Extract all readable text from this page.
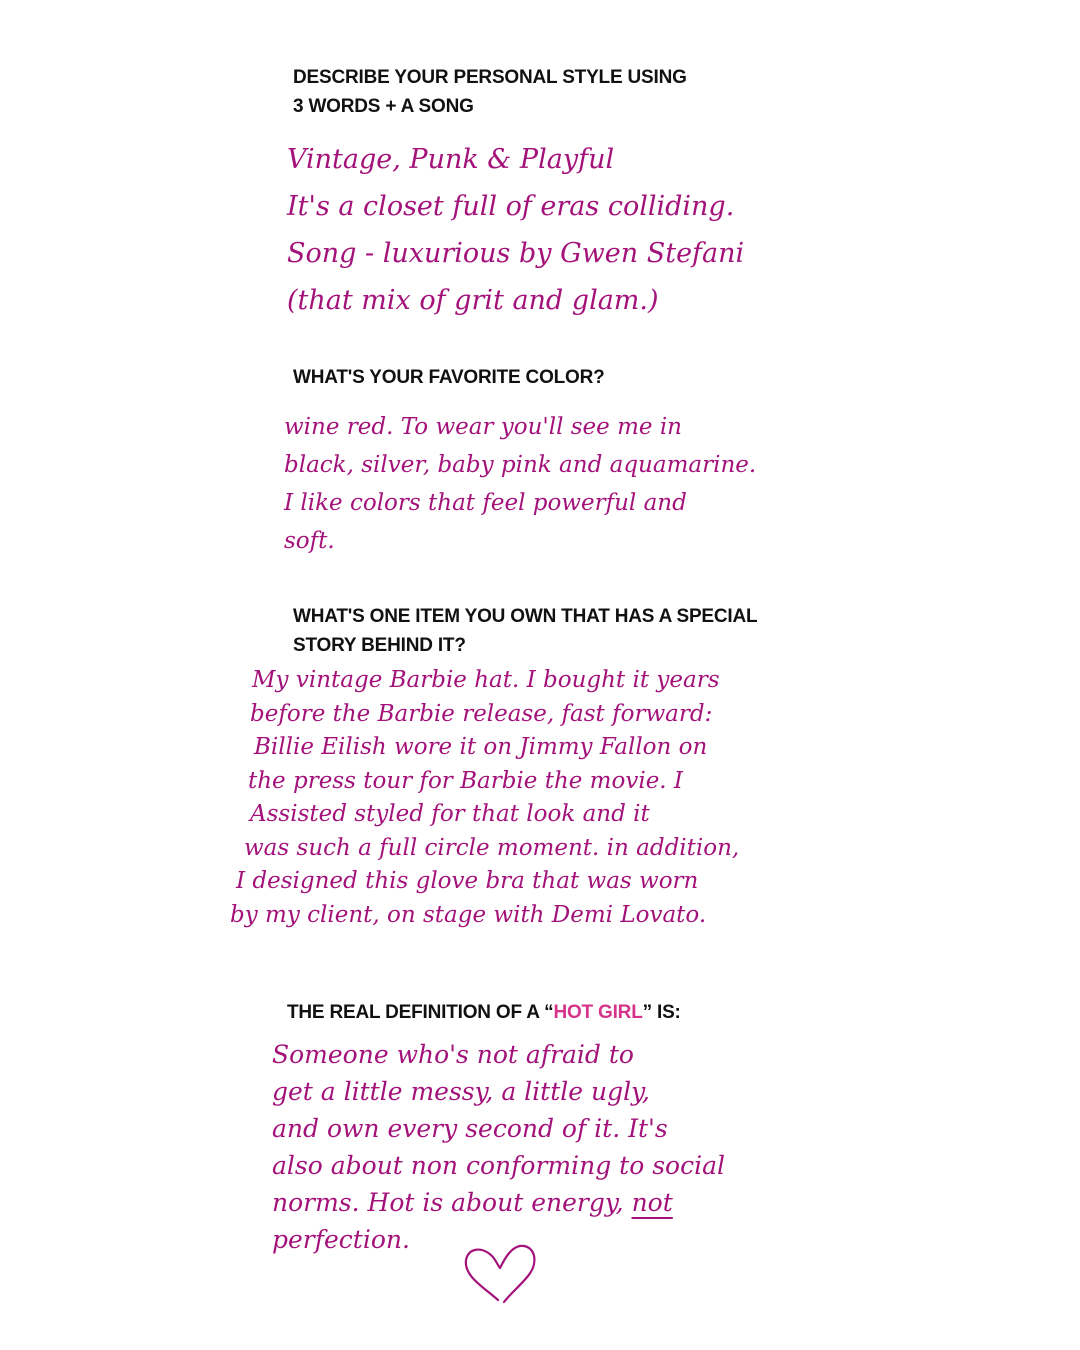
DESCRIBE YOUR PERSONAL STYLE USING
3 WORDS + A SONG
Vintage, Punk & Playful
It's a closet full of eras colliding.
Song - luxurious by Gwen Stefani
(that mix of grit and glam.)
WHAT'S YOUR FAVORITE COLOR?
wine red. To wear you'll see me in
black, silver, baby pink and aquamarine.
I like colors that feel powerful and
soft.
WHAT'S ONE ITEM YOU OWN THAT HAS A SPECIAL
STORY BEHIND IT?
My vintage Barbie hat. I bought it years
before the Barbie release, fast forward:
Billie Eilish wore it on Jimmy Fallon on
the press tour for Barbie the movie. I
Assisted styled for that look and it
was such a full circle moment. in addition,
I designed this glove bra that was worn
by my client, on stage with Demi Lovato.
THE REAL DEFINITION OF A “HOT GIRL” IS:
Someone who's not afraid to
get a little messy, a little ugly,
and own every second of it. It's
also about non conforming to social
norms. Hot is about energy, not
perfection.
